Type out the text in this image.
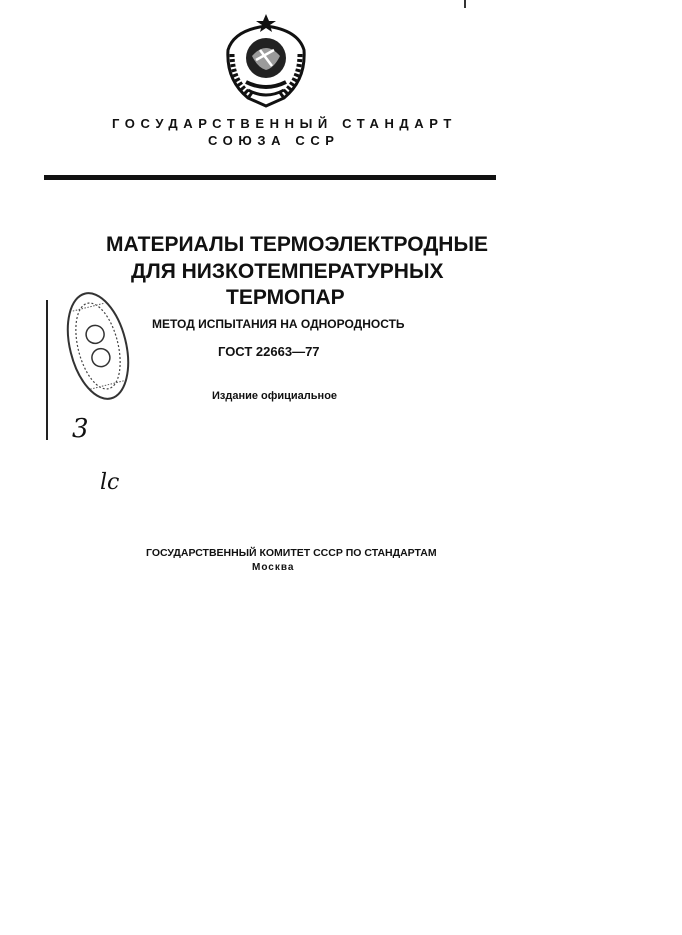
ГОСУДАРСТВЕННЫЙ СТАНДАРТ
СОЮЗА ССР
МАТЕРИАЛЫ ТЕРМОЭЛЕКТРОДНЫЕ
ДЛЯ НИЗКОТЕМПЕРАТУРНЫХ
ТЕРМОПАР
МЕТОД ИСПЫТАНИЯ НА ОДНОРОДНОСТЬ
ГОСТ 22663—77
Издание официальное
3
lc
ГОСУДАРСТВЕННЫЙ КОМИТЕТ СССР ПО СТАНДАРТАМ
Москва
